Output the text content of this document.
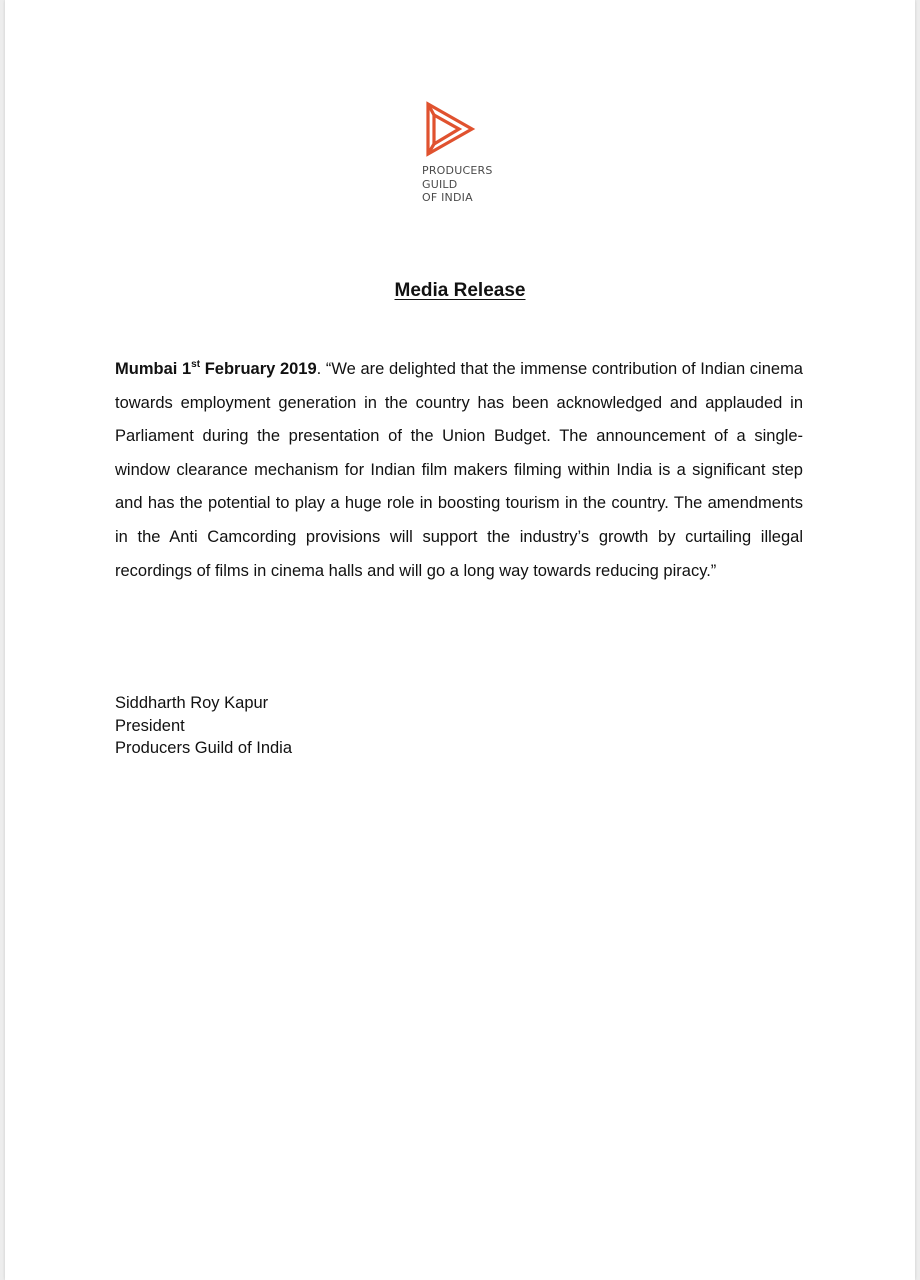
PRODUCERS
GUILD
OF INDIA
Media Release

Mumbai 1st February 2019. “We are delighted that the immense contribution of Indian cinema towards employment generation in the country has been acknowledged and applauded in Parliament during the presentation of the Union Budget. The announcement of a single-window clearance mechanism for Indian film makers filming within India is a significant step and has the potential to play a huge role in boosting tourism in the country. The amendments in the Anti Camcording provisions will support the industry’s growth by curtailing illegal recordings of films in cinema halls and will go a long way towards reducing piracy.”

Siddharth Roy Kapur
President
Producers Guild of India
